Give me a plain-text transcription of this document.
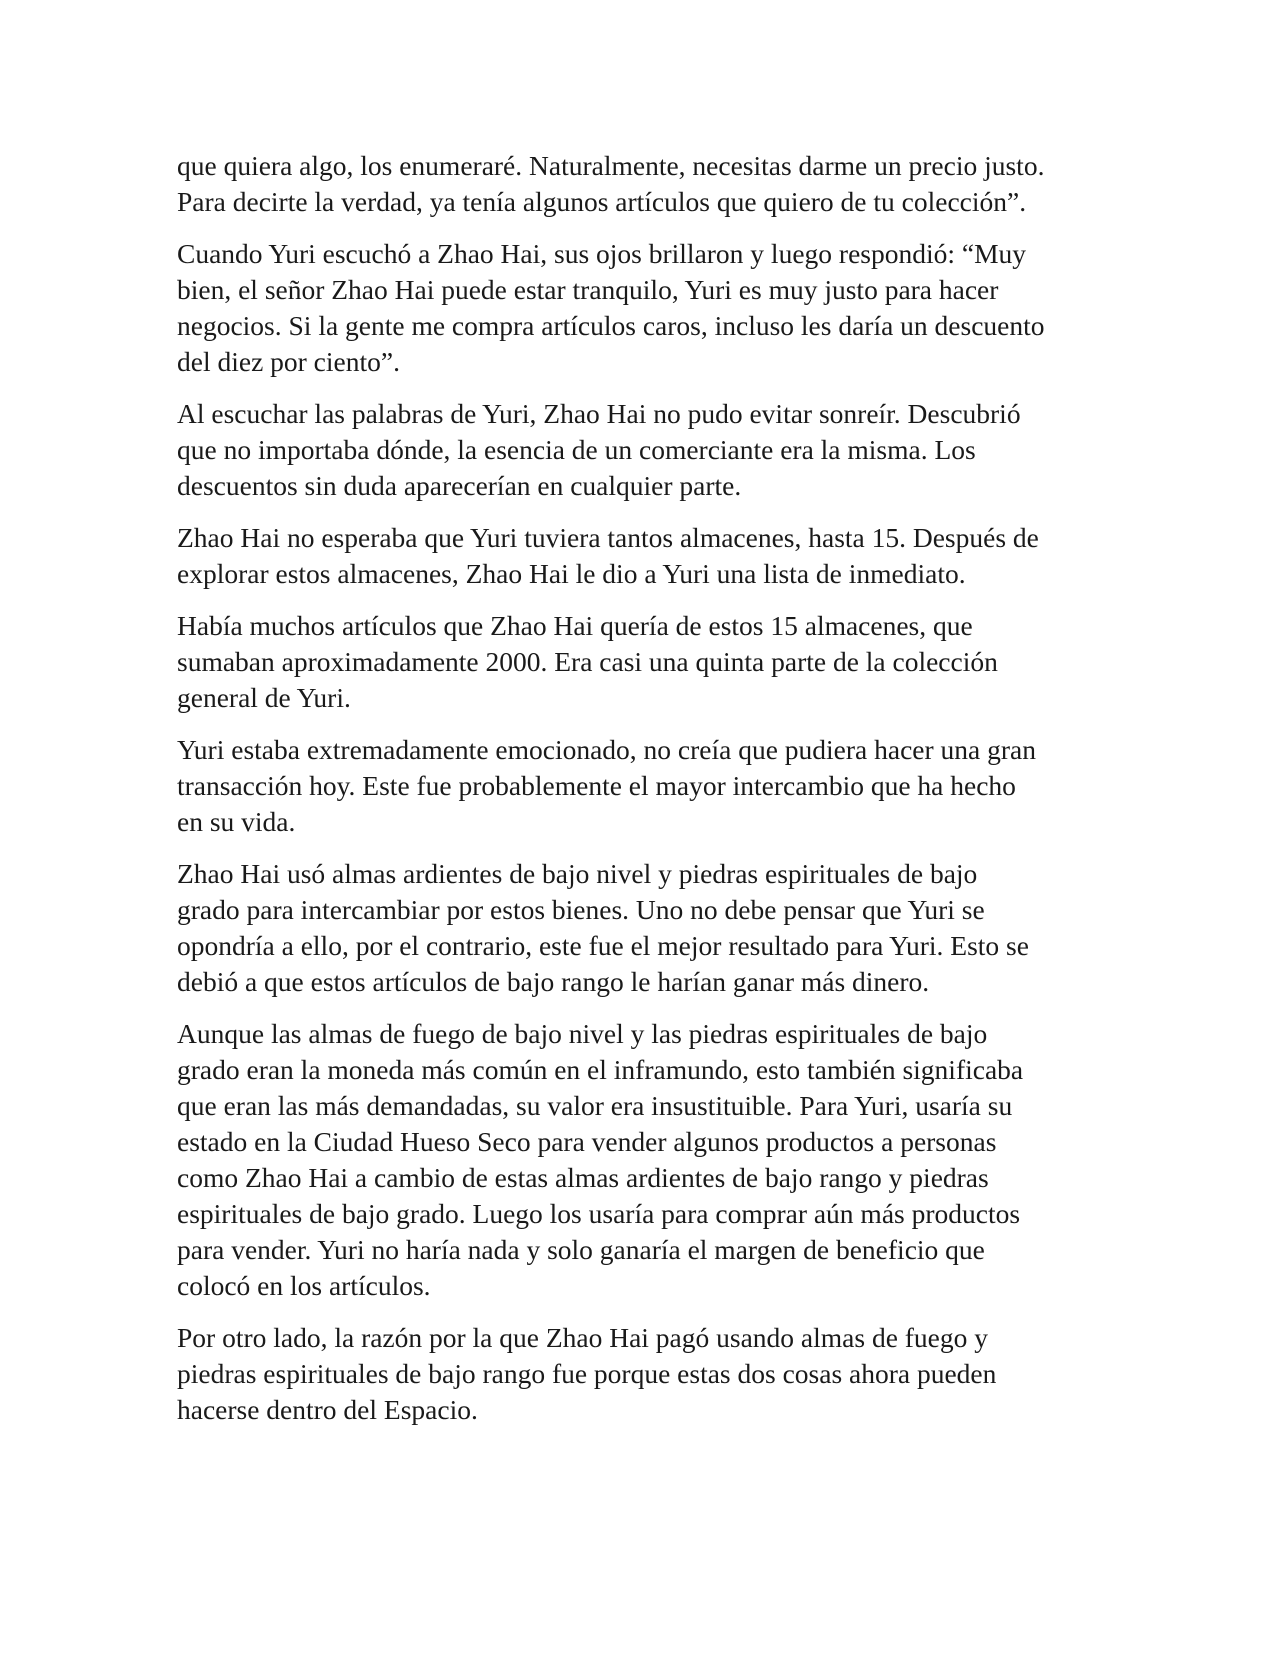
que quiera algo, los enumeraré. Naturalmente, necesitas darme un precio justo.
Para decirte la verdad, ya tenía algunos artículos que quiero de tu colección”.

Cuando Yuri escuchó a Zhao Hai, sus ojos brillaron y luego respondió: “Muy
bien, el señor Zhao Hai puede estar tranquilo, Yuri es muy justo para hacer
negocios. Si la gente me compra artículos caros, incluso les daría un descuento
del diez por ciento”.

Al escuchar las palabras de Yuri, Zhao Hai no pudo evitar sonreír. Descubrió
que no importaba dónde, la esencia de un comerciante era la misma. Los
descuentos sin duda aparecerían en cualquier parte.

Zhao Hai no esperaba que Yuri tuviera tantos almacenes, hasta 15. Después de
explorar estos almacenes, Zhao Hai le dio a Yuri una lista de inmediato.

Había muchos artículos que Zhao Hai quería de estos 15 almacenes, que
sumaban aproximadamente 2000. Era casi una quinta parte de la colección
general de Yuri.

Yuri estaba extremadamente emocionado, no creía que pudiera hacer una gran
transacción hoy. Este fue probablemente el mayor intercambio que ha hecho
en su vida.

Zhao Hai usó almas ardientes de bajo nivel y piedras espirituales de bajo
grado para intercambiar por estos bienes. Uno no debe pensar que Yuri se
opondría a ello, por el contrario, este fue el mejor resultado para Yuri. Esto se
debió a que estos artículos de bajo rango le harían ganar más dinero.

Aunque las almas de fuego de bajo nivel y las piedras espirituales de bajo
grado eran la moneda más común en el inframundo, esto también significaba
que eran las más demandadas, su valor era insustituible. Para Yuri, usaría su
estado en la Ciudad Hueso Seco para vender algunos productos a personas
como Zhao Hai a cambio de estas almas ardientes de bajo rango y piedras
espirituales de bajo grado. Luego los usaría para comprar aún más productos
para vender. Yuri no haría nada y solo ganaría el margen de beneficio que
colocó en los artículos.

Por otro lado, la razón por la que Zhao Hai pagó usando almas de fuego y
piedras espirituales de bajo rango fue porque estas dos cosas ahora pueden
hacerse dentro del Espacio.
